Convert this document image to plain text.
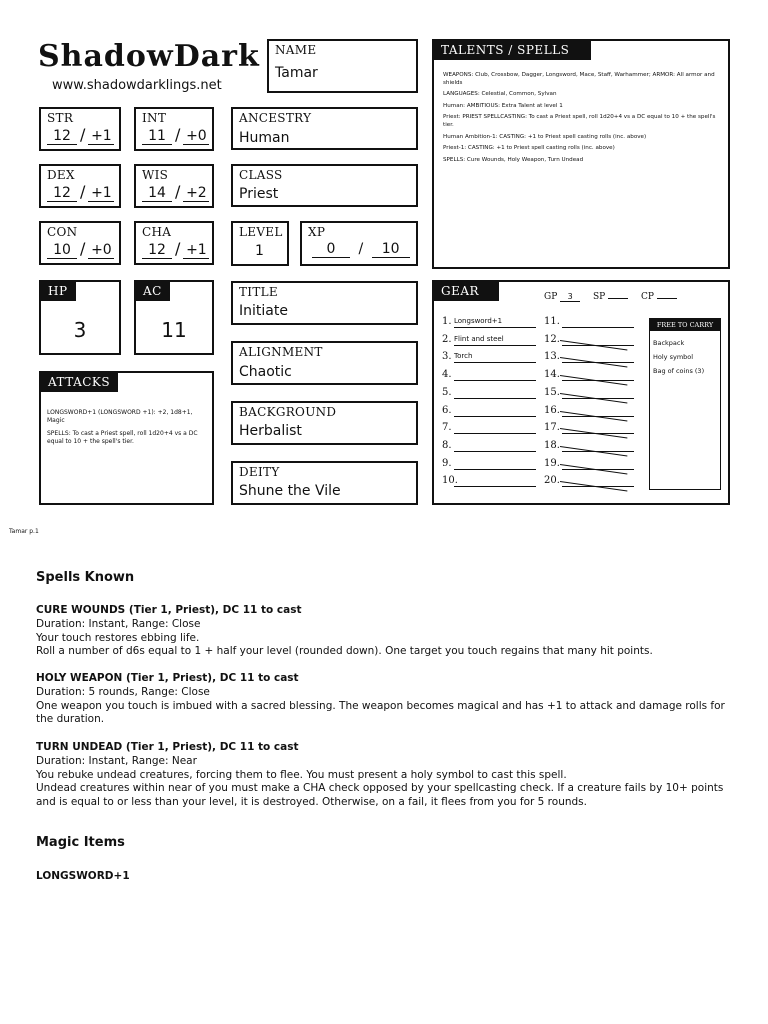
ShadowDark
www.shadowdarklings.net
NAME
Tamar
STR
12 / +1
INT
11 / +0
DEX
12 / +1
WIS
14 / +2
CON
10 / +0
CHA
12 / +1
ANCESTRY
Human
CLASS
Priest
LEVEL
1
XP
0 / 10
HP
3
AC
11
TITLE
Initiate
ALIGNMENT
Chaotic
BACKGROUND
Herbalist
DEITY
Shune the Vile
ATTACKS
LONGSWORD+1 (LONGSWORD +1): +2, 1d8+1, Magic
SPELLS: To cast a Priest spell, roll 1d20+4 vs a DC equal to 10 + the spell's tier.
TALENTS / SPELLS
WEAPONS: Club, Crossbow, Dagger, Longsword, Mace, Staff, Warhammer; ARMOR: All armor and shields
LANGUAGES: Celestial, Common, Sylvan
Human: AMBITIOUS: Extra Talent at level 1
Priest: PRIEST SPELLCASTING: To cast a Priest spell, roll 1d20+4 vs a DC equal to 10 + the spell's tier.
Human Ambition-1: CASTING: +1 to Priest spell casting rolls (inc. above)
Priest-1: CASTING: +1 to Priest spell casting rolls (inc. above)
SPELLS: Cure Wounds, Holy Weapon, Turn Undead
GEAR	GP 3 SP	CP
1. Longsword+1
2. Flint and steel
3. Torch
4.
5.
6.
7.
8.
9.
10.
11.
12.
13.
14.
15.
16.
17.
18.
19.
20.
FREE TO CARRY
Backpack
Holy symbol
Bag of coins (3)
Tamar p.1
Spells Known
CURE WOUNDS (Tier 1, Priest), DC 11 to cast
Duration: Instant, Range: Close
Your touch restores ebbing life.
Roll a number of d6s equal to 1 + half your level (rounded down). One target you touch regains that many hit points.
HOLY WEAPON (Tier 1, Priest), DC 11 to cast
Duration: 5 rounds, Range: Close
One weapon you touch is imbued with a sacred blessing. The weapon becomes magical and has +1 to attack and damage rolls for the duration.
TURN UNDEAD (Tier 1, Priest), DC 11 to cast
Duration: Instant, Range: Near
You rebuke undead creatures, forcing them to flee. You must present a holy symbol to cast this spell.
Undead creatures within near of you must make a CHA check opposed by your spellcasting check. If a creature fails by 10+ points and is equal to or less than your level, it is destroyed. Otherwise, on a fail, it flees from you for 5 rounds.
Magic Items
LONGSWORD+1
